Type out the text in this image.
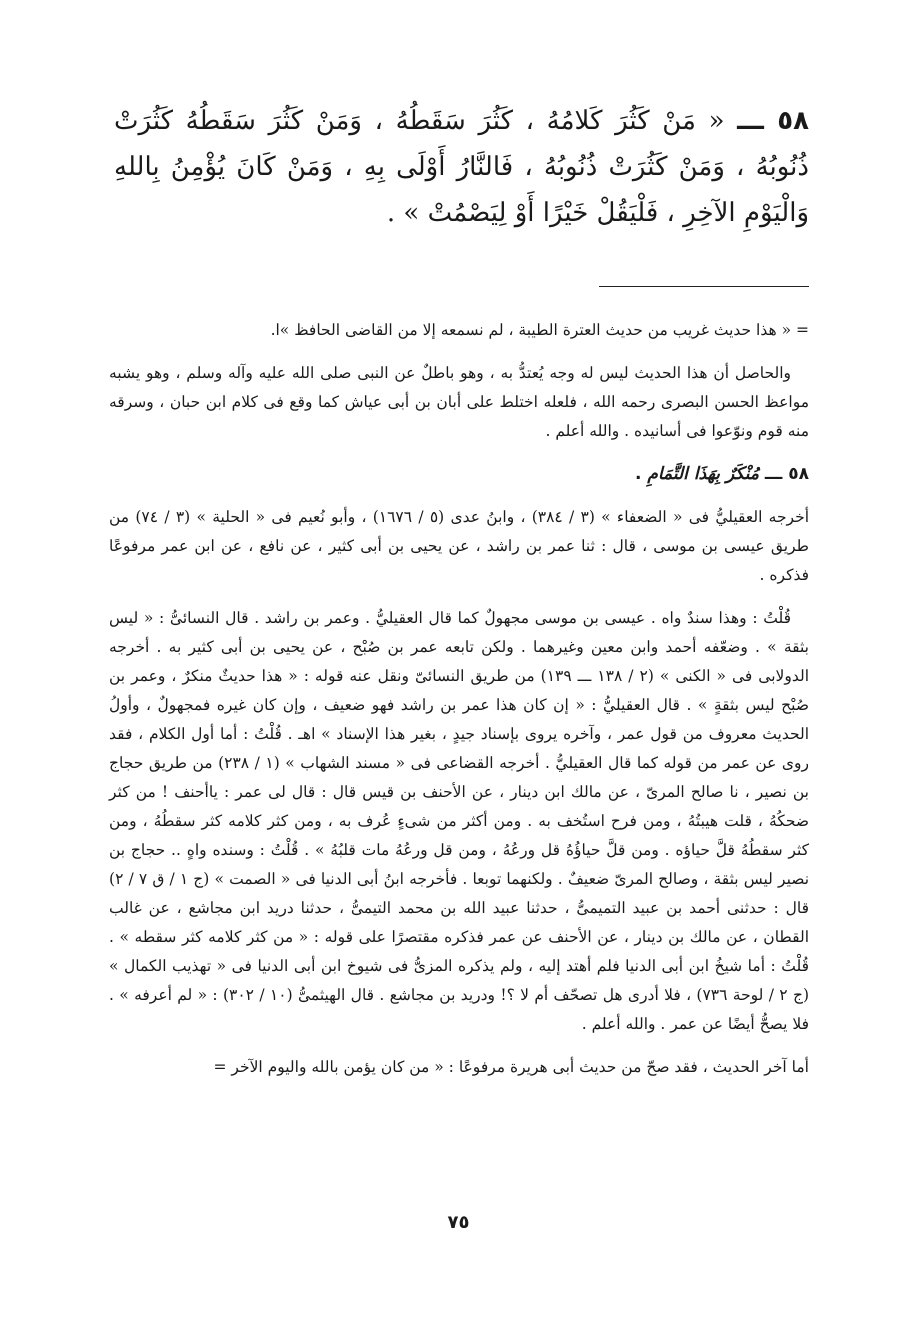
٥٨ ـــ « مَنْ كَثُرَ كَلامُهُ ، كَثُرَ سَقَطُهُ ، وَمَنْ كَثُرَ سَقَطُهُ كَثُرَتْ ذُنُوبُهُ ، وَمَنْ كَثُرَتْ ذُنُوبُهُ ، فَالنَّارُ أَوْلَى بِهِ ، وَمَنْ كَانَ يُؤْمِنُ بِاللهِ وَالْيَوْمِ الآخِرِ ، فَلْيَقُلْ خَيْرًا أَوْ لِيَصْمُتْ » .

= « هذا حديث غريب من حديث العترة الطيبة ، لم نسمعه إلا من القاضى الحافظ »ا.

والحاصل أن هذا الحديث ليس له وجه يُعتدُّ به ، وهو باطلٌ عن النبى صلى الله عليه وآله وسلم ، وهو يشبه مواعظ الحسن البصرى رحمه الله ، فلعله اختلط على أبان بن أبى عياش كما وقع فى كلام ابن حبان ، وسرقه منه قوم ونوّعوا فى أسانيده . والله أعلم .

٥٨ ـــ مُنْكَرٌ بِهَذَا التَّمَامِ .

أخرجه العقيليُّ فى « الضعفاء » (٣ / ٣٨٤) ، وابنُ عدى (٥ / ١٦٧٦) ، وأبو نُعيم فى « الحلية » (٣ / ٧٤) من طريق عيسى بن موسى ، قال : ثنا عمر بن راشد ، عن يحيى بن أبى كثير ، عن نافع ، عن ابن عمر مرفوعًا فذكره .

قُلْتُ : وهذا سندٌ واه . عيسى بن موسى مجهولٌ كما قال العقيليُّ . وعمر بن راشد . قال النسائىُّ : « ليس بثقة » . وضعّفه أحمد وابن معين وغيرهما . ولكن تابعه عمر بن صُبْح ، عن يحيى بن أبى كثير به . أخرجه الدولابى فى « الكنى » (٢ / ١٣٨ ـــ ١٣٩) من طريق النسائىّ ونقل عنه قوله : « هذا حديثٌ منكرٌ ، وعمر بن صُبْح ليس بثقةٍ » . قال العقيليُّ : « إن كان هذا عمر بن راشد فهو ضعيف ، وإن كان غيره فمجهولٌ ، وأولُ الحديث معروف من قول عمر ، وآخره يروى بإسناد جيدٍ ، بغير هذا الإسناد » اهـ . قُلْتُ : أما أول الكلام ، فقد روى عن عمر من قوله كما قال العقيليُّ . أخرجه القضاعى فى « مسند الشهاب » (١ / ٢٣٨) من طريق حجاج بن نصير ، نا صالح المرىّ ، عن مالك ابن دينار ، عن الأحنف بن قيس قال : قال لى عمر : ياأحنف ! من كثر ضحكُهُ ، قلت هيبتُهُ ، ومن فرح استُخف به . ومن أكثر من شىءٍ عُرف به ، ومن كثر كلامه كثر سقطُهُ ، ومن كثر سقطُهُ قلَّ حياؤه . ومن قلَّ حياؤُهُ قل ورعُهُ ، ومن قل ورعُهُ مات قلبُهُ » . قُلْتُ : وسنده واهٍ .. حجاج بن نصير ليس بثقة ، وصالح المرىّ ضعيفٌ . ولكنهما توبعا . فأخرجه ابنُ أبى الدنيا فى « الصمت » (ج ١ / ق ٧ / ٢) قال : حدثنى أحمد بن عبيد التميمىُّ ، حدثنا عبيد الله بن محمد التيمىُّ ، حدثنا دريد ابن مجاشع ، عن غالب القطان ، عن مالك بن دينار ، عن الأحنف عن عمر فذكره مقتصرًا على قوله : « من كثر كلامه كثر سقطه » . قُلْتُ : أما شيخُ ابن أبى الدنيا فلم أهتد إليه ، ولم يذكره المزىُّ فى شيوخ ابن أبى الدنيا فى « تهذيب الكمال » (ج ٢ / لوحة ٧٣٦) ، فلا أدرى هل تصحّف أم لا ؟! ودريد بن مجاشع . قال الهيثمىُّ (١٠ / ٣٠٢) : « لم أعرفه » . فلا يصحُّ أيضًا عن عمر . والله أعلم .

أما آخر الحديث ، فقد صحّ من حديث أبى هريرة مرفوعًا : « من كان يؤمن بالله واليوم الآخر =

٧٥
